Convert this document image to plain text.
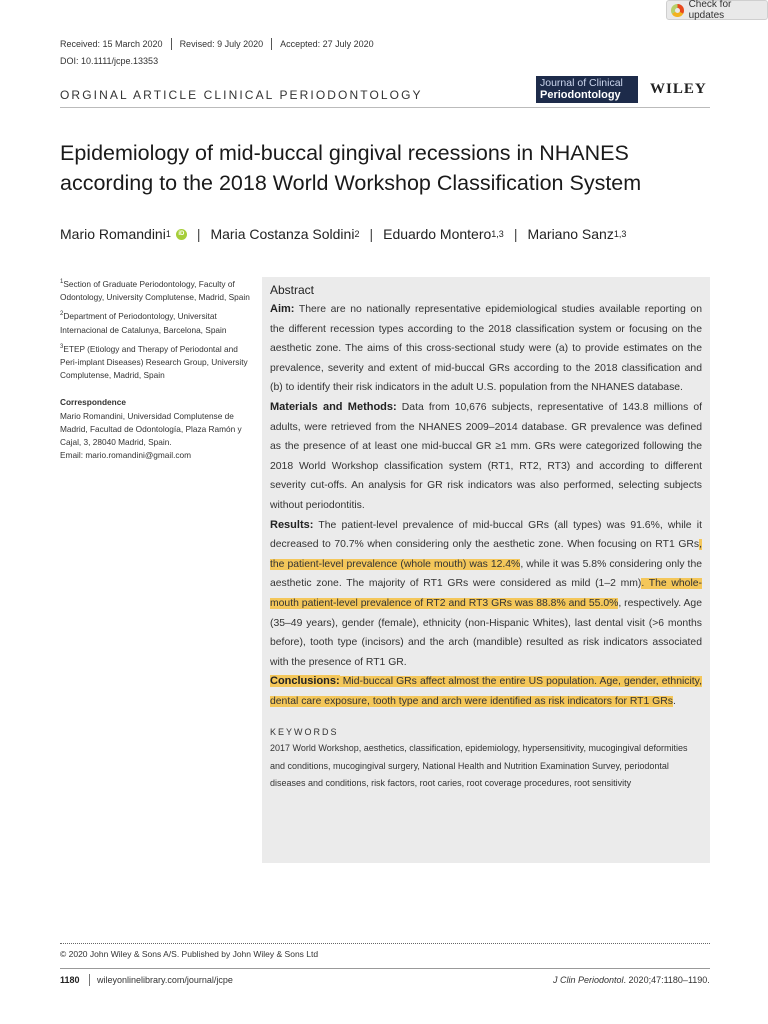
Check for updates
Received: 15 March 2020	Revised: 9 July 2020	Accepted: 27 July 2020
DOI: 10.1111/jcpe.13353
ORGINAL ARTICLE CLINICAL PERIODONTOLOGY
Journal of Clinical
Periodontology	WILEY
Epidemiology of mid-buccal gingival recessions in NHANES according to the 2018 World Workshop Classification System
Mario Romandini 1	iD | Maria Costanza Soldini 2 | Eduardo Montero 1,3 | Mariano Sanz 1,3

$^1$Section of Graduate Periodontology, Faculty of Odontology, University Complutense, Madrid, Spain

$^2$Department of Periodontology, Universitat Internacional de Catalunya, Barcelona, Spain

$^3$ETEP (Etiology and Therapy of Periodontal and Peri-implant Diseases) Research Group, University Complutense, Madrid, Spain

Correspondence
Mario Romandini, Universidad Complutense de Madrid, Facultad de Odontología, Plaza Ramón y Cajal, 3, 28040 Madrid, Spain.
Email: mario.romandini@gmail.com
Abstract
Aim: There are no nationally representative epidemiological studies available reporting on the different recession types according to the 2018 classification system or focusing on the aesthetic zone. The aims of this cross-sectional study were (a) to provide estimates on the prevalence, severity and extent of mid-buccal GRs according to the 2018 classification and (b) to identify their risk indicators in the adult U.S. population from the NHANES database.
Materials and Methods: Data from 10,676 subjects, representative of 143.8 millions of adults, were retrieved from the NHANES 2009–2014 database. GR prevalence was defined as the presence of at least one mid-buccal GR ≥1 mm. GRs were categorized following the 2018 World Workshop classification system (RT1, RT2, RT3) and according to different severity cut-offs. An analysis for GR risk indicators was also performed, selecting subjects without periodontitis.
Results: The patient-level prevalence of mid-buccal GRs (all types) was 91.6%, while it decreased to 70.7% when considering only the aesthetic zone. When focusing on RT1 GRs, the patient-level prevalence (whole mouth) was 12.4%, while it was 5.8% considering only the aesthetic zone. The majority of RT1 GRs were considered as mild (1–2 mm). The whole-mouth patient-level prevalence of RT2 and RT3 GRs was 88.8% and 55.0%, respectively. Age (35–49 years), gender (female), ethnicity (non-Hispanic Whites), last dental visit (>6 months before), tooth type (incisors) and the arch (mandible) resulted as risk indicators associated with the presence of RT1 GR.
Conclusions: Mid-buccal GRs affect almost the entire US population. Age, gender, ethnicity, dental care exposure, tooth type and arch were identified as risk indicators for RT1 GRs.
KEYWORDS
2017 World Workshop, aesthetics, classification, epidemiology, hypersensitivity, mucogingival deformities and conditions, mucogingival surgery, National Health and Nutrition Examination Survey, periodontal diseases and conditions, risk factors, root caries, root coverage procedures, root sensitivity
© 2020 John Wiley & Sons A/S. Published by John Wiley & Sons Ltd
1180 wileyonlinelibrary.com/journal/jcpe	J Clin Periodontol. 2020;47:1180–1190.
